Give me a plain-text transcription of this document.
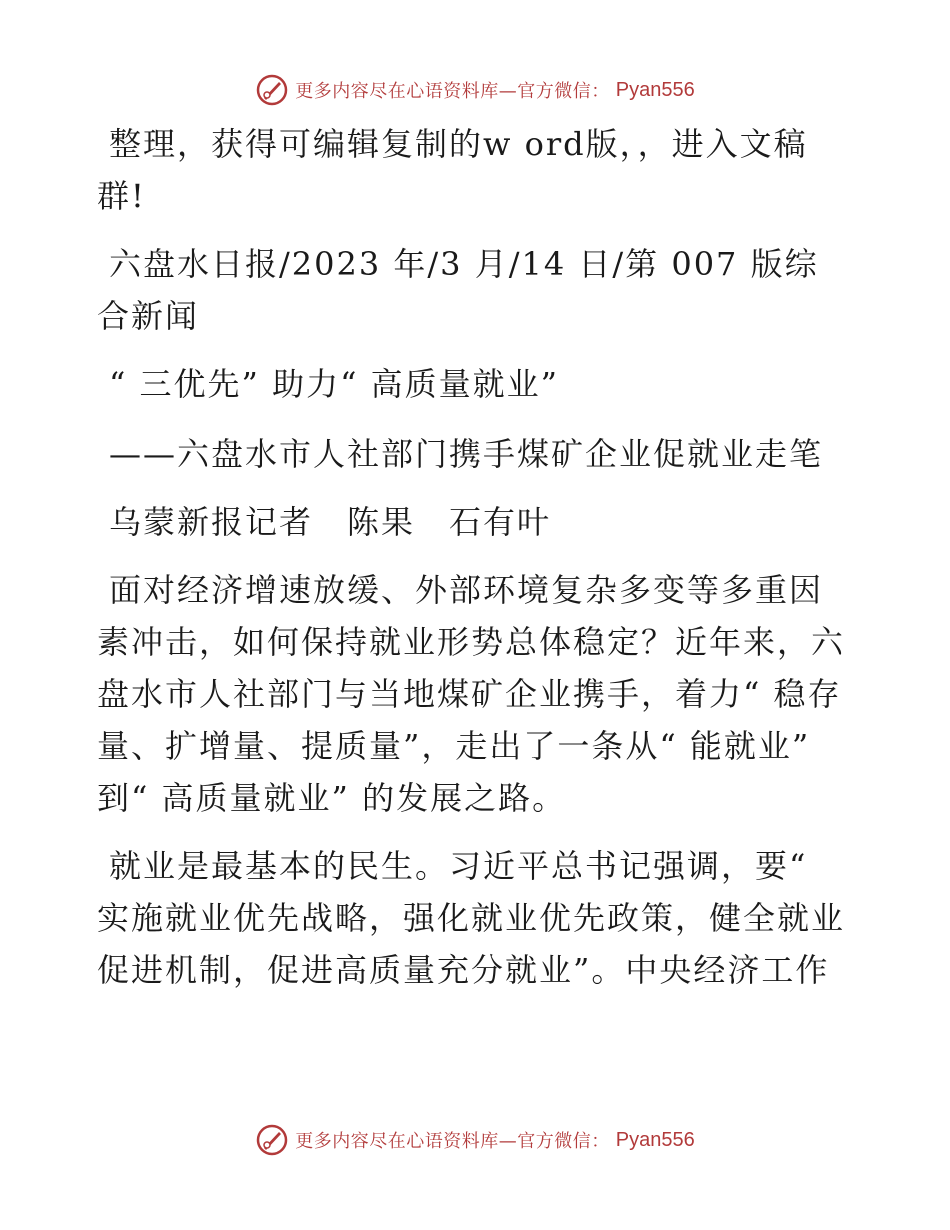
更多内容尽在心语资料库—官方微信： Pyan556

整理，获得可编辑复制的w ord版，，进入文稿群!

六盘水日报/2023 年/3 月/14 日/第 007 版综合新闻

“ 三优先” 助力“ 高质量就业”

——六盘水市人社部门携手煤矿企业促就业走笔

乌蒙新报记者　陈果　石有叶

面对经济增速放缓、外部环境复杂多变等多重因素冲击，如何保持就业形势总体稳定？近年来，六盘水市人社部门与当地煤矿企业携手，着力“ 稳存量、扩增量、提质量”，走出了一条从“ 能就业” 到“ 高质量就业” 的发展之路。

就业是最基本的民生。习近平总书记强调，要“ 实施就业优先战略，强化就业优先政策，健全就业促进机制，促进高质量充分就业”。中央经济工作

更多内容尽在心语资料库—官方微信： Pyan556
